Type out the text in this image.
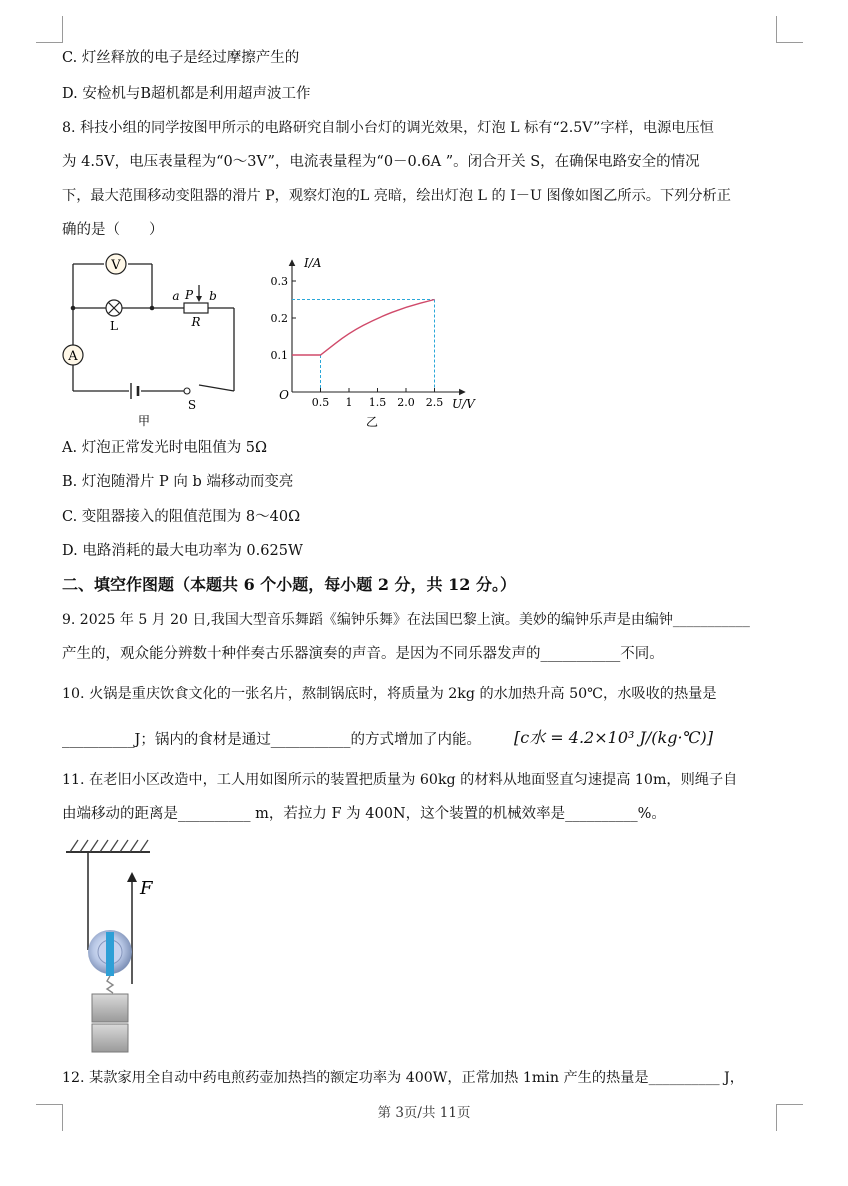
C. 灯丝释放的电子是经过摩擦产生的
D. 安检机与B超机都是利用超声波工作
8. 科技小组的同学按图甲所示的电路研究自制小台灯的调光效果，灯泡 L 标有“2.5V”字样，电源电压恒
为 4.5V，电压表量程为“0～3V”，电流表量程为“0－0.6A ”。闭合开关 S，在确保电路安全的情况
下，最大范围移动变阻器的滑片 P，观察灯泡的L 亮暗，绘出灯泡 L 的 I－U 图像如图乙所示。下列分析正
确的是（　　）
V
A
L	R
P
a b
S
甲
0.5 1 1.5 2.0 2.5
0.1
0.2
0.3
I/A
U/V
O
乙
A. 灯泡正常发光时电阻值为 5Ω
B. 灯泡随滑片 P 向 b 端移动而变亮
C. 变阻器接入的阻值范围为 8～40Ω
D. 电路消耗的最大电功率为 0.625W
二、填空作图题（本题共 6 个小题，每小题 2 分，共 12 分。）
9. 2025 年 5 月 20 日,我国大型音乐舞蹈《编钟乐舞》在法国巴黎上演。美妙的编钟乐声是由编钟___________
产生的，观众能分辨数十种伴奏古乐器演奏的声音。是因为不同乐器发声的___________不同。
10. 火锅是重庆饮食文化的一张名片，熬制锅底时，将质量为 2kg 的水加热升高 50℃，水吸收的热量是
__________J；锅内的食材是通过___________的方式增加了内能。 [c水 = 4.2×10³ J/(kg·℃)]
11. 在老旧小区改造中，工人用如图所示的装置把质量为 60kg 的材料从地面竖直匀速提高 10m，则绳子自
由端移动的距离是__________ m，若拉力 F 为 400N，这个装置的机械效率是__________%。
F
12. 某款家用全自动中药电煎药壶加热挡的额定功率为 400W，正常加热 1min 产生的热量是__________ J，
第 3页/共 11页
